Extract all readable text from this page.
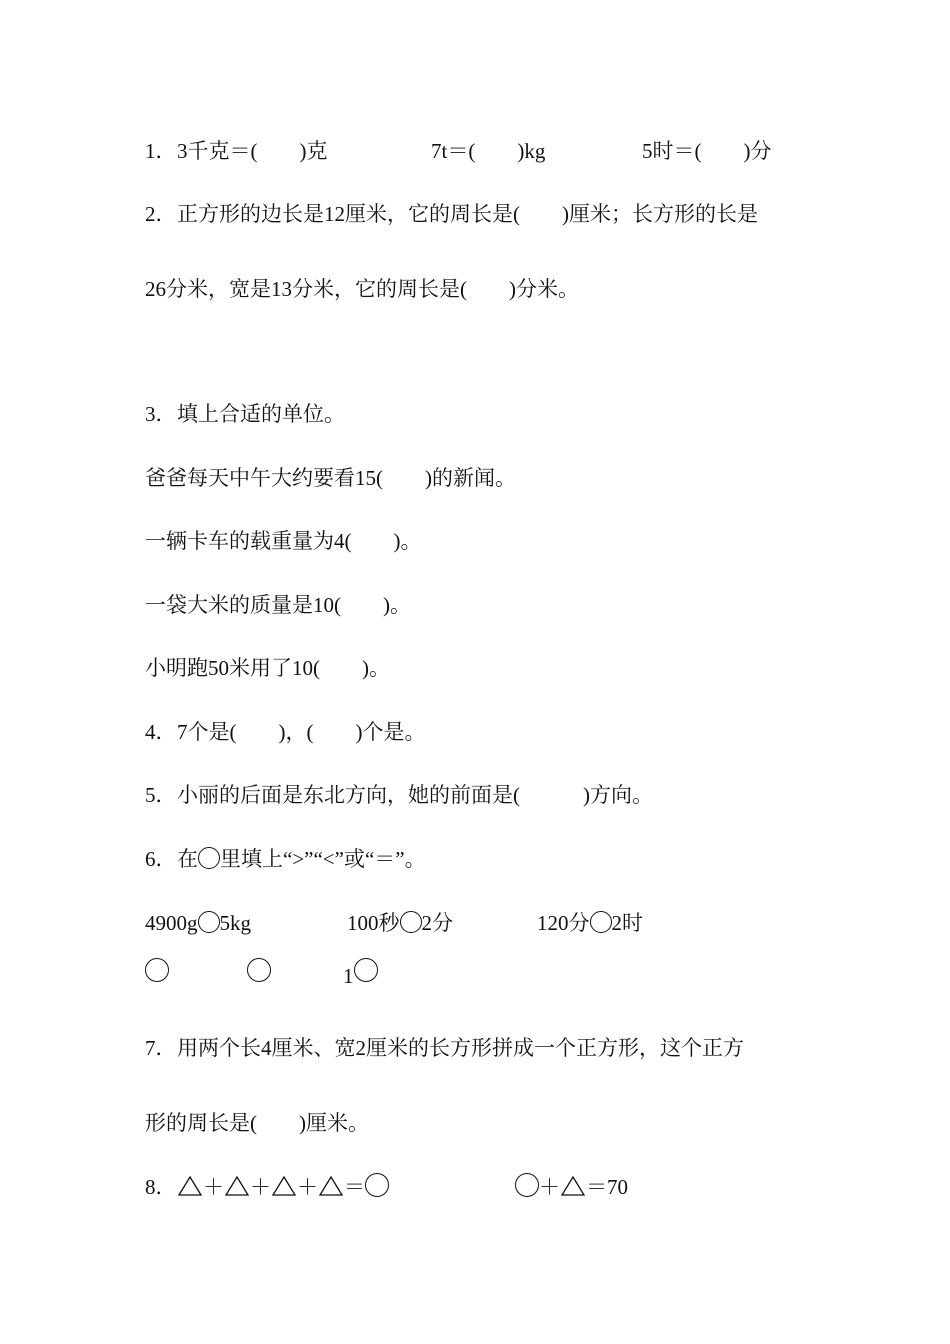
1． 3千克＝(　　)克	7t＝(　　)kg	5时＝(　　)分
2． 正方形的边长是12厘米，它的周长是(　　)厘米；长方形的长是
26分米，宽是13分米，它的周长是(　　)分米。
3． 填上合适的单位。
爸爸每天中午大约要看15(　　)的新闻。
一辆卡车的载重量为4(　　)。
一袋大米的质量是10(　　)。
小明跑50米用了10(　　)。
4． 7个是(　　)，(　　)个是。
5． 小丽的后面是东北方向，她的前面是(　　　)方向。
6． 在 里填上“>”“<”或“＝”。
4900g 5kg	100秒 2分	120分 2时
1
7． 用两个长4厘米、宽2厘米的长方形拼成一个正方形，这个正方
形的周长是(　　)厘米。
8．	＋ ＋ ＋ ＝	＋ ＝70
